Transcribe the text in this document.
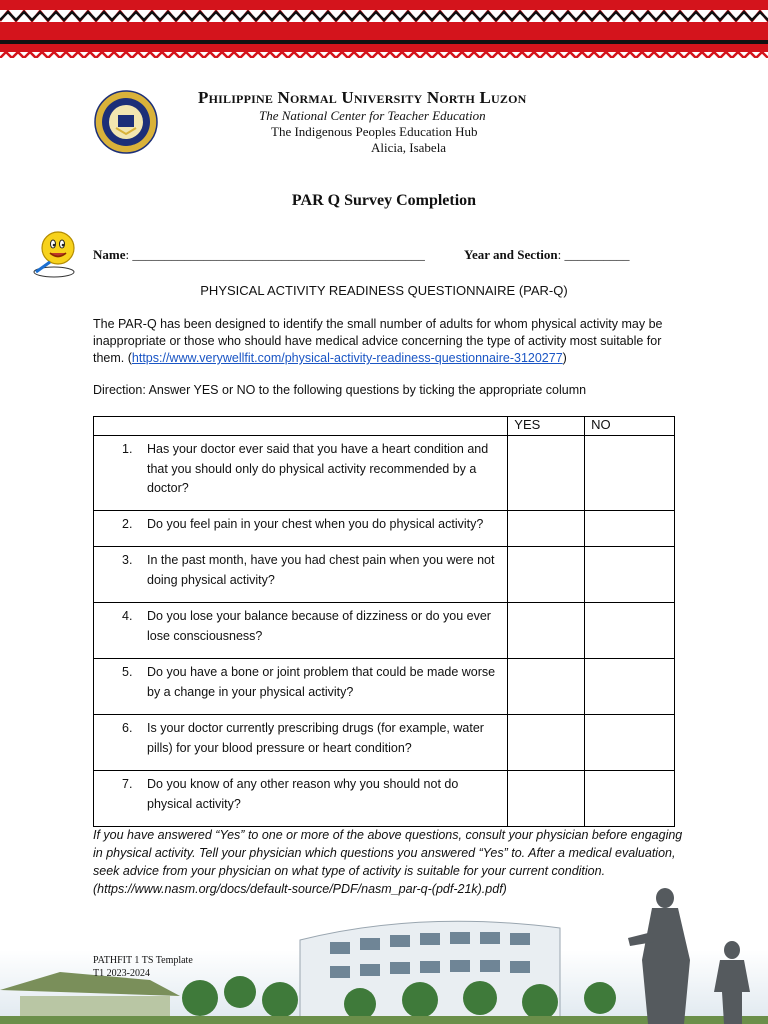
Philippine Normal University North Luzon
The National Center for Teacher Education
The Indigenous Peoples Education Hub
Alicia, Isabela
PAR Q Survey Completion
Name: _____________________________________________	Year and Section: __________
PHYSICAL ACTIVITY READINESS QUESTIONNAIRE (PAR-Q)
The PAR-Q has been designed to identify the small number of adults for whom physical activity may be inappropriate or those who should have medical advice concerning the type of activity most suitable for them. (https://www.verywellfit.com/physical-activity-readiness-questionnaire-3120277)
Direction: Answer YES or NO to the following questions by ticking the appropriate column
	YES	NO

1. Has your doctor ever said that you have a heart condition and that you should only do physical activity recommended by a doctor?		

2. Do you feel pain in your chest when you do physical activity?		

3. In the past month, have you had chest pain when you were not doing physical activity?		

4. Do you lose your balance because of dizziness or do you ever lose consciousness?		

5. Do you have a bone or joint problem that could be made worse by a change in your physical activity?		

6. Is your doctor currently prescribing drugs (for example, water pills) for your blood pressure or heart condition?		

7. Do you know of any other reason why you should not do physical activity?		

If you have answered “Yes” to one or more of the above questions, consult your physician before engaging in physical activity. Tell your physician which questions you answered “Yes” to. After a medical evaluation, seek advice from your physician on what type of activity is suitable for your current condition. (https://www.nasm.org/docs/default-source/PDF/nasm_par-q-(pdf-21k).pdf)
PATHFIT 1 TS Template
T1 2023-2024
